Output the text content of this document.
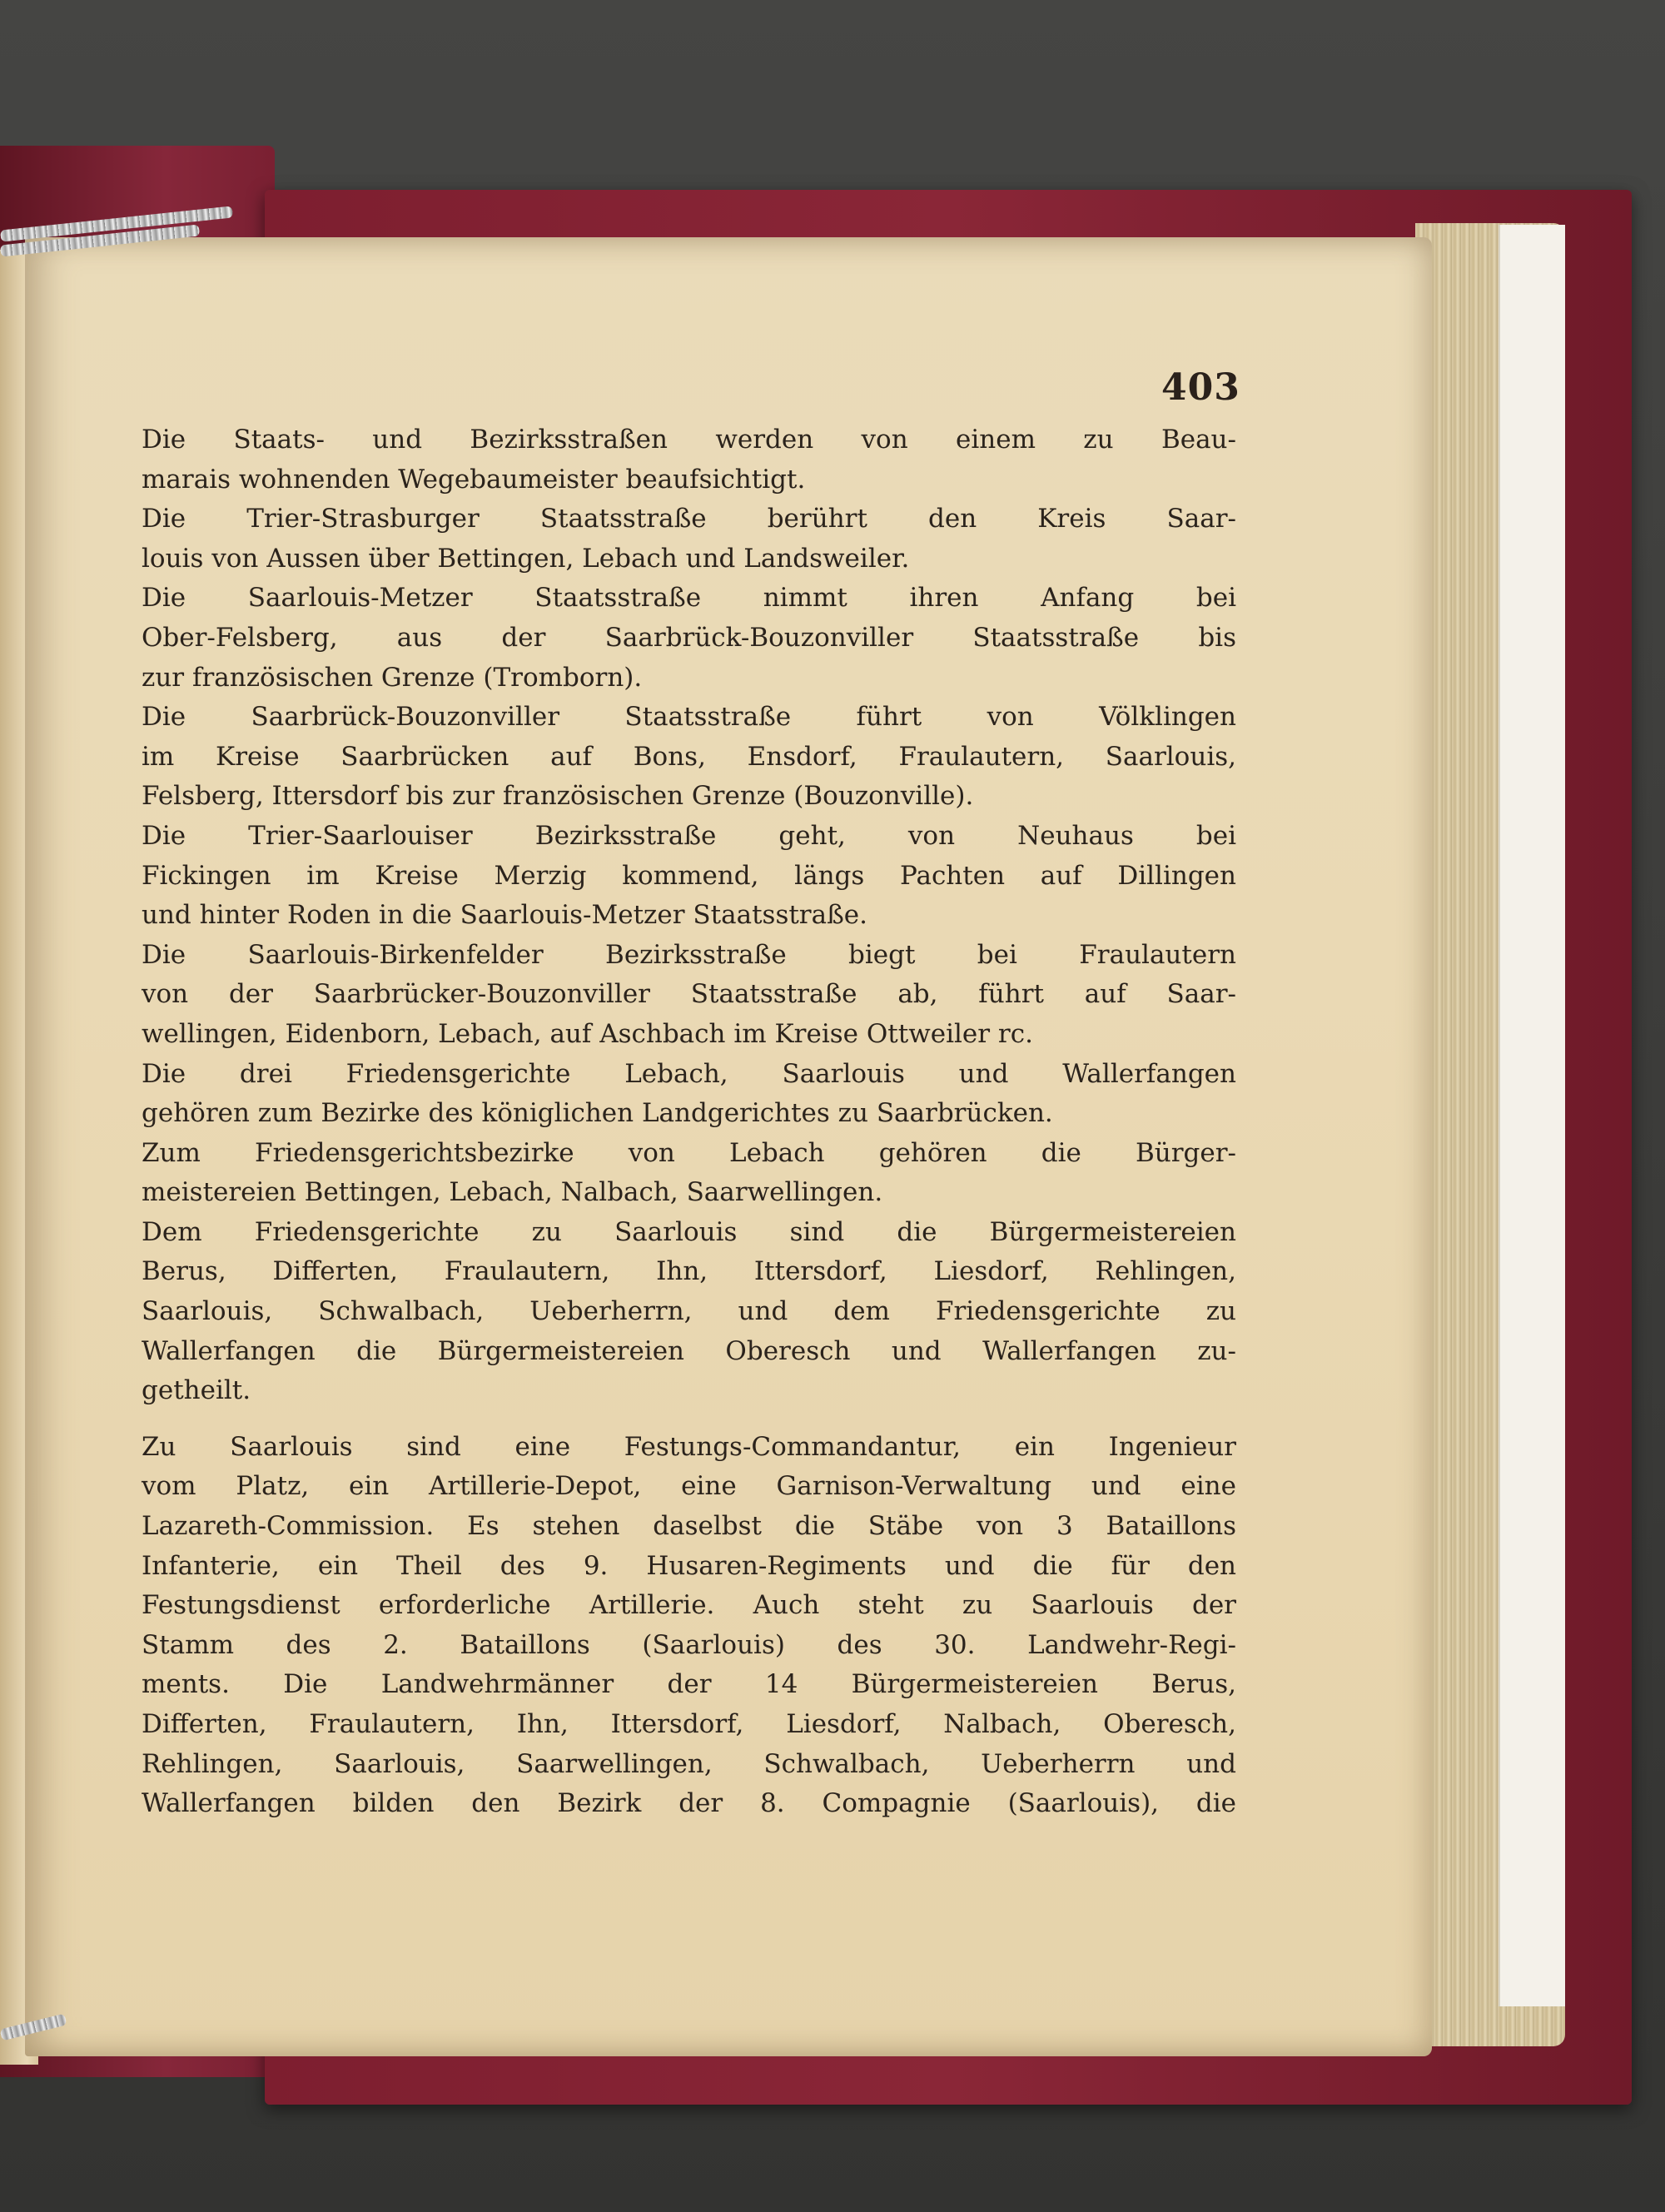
403
Die Staats- und Bezirksstraßen werden von einem zu Beau-
marais wohnenden Wegebaumeister beaufsichtigt.
Die Trier-Strasburger Staatsstraße berührt den Kreis Saar-
louis von Aussen über Bettingen, Lebach und Landsweiler.
Die Saarlouis-Metzer Staatsstraße nimmt ihren Anfang bei
Ober-Felsberg, aus der Saarbrück-Bouzonviller Staatsstraße bis
zur französischen Grenze (Tromborn).
Die Saarbrück-Bouzonviller Staatsstraße führt von Völklingen
im Kreise Saarbrücken auf Bons, Ensdorf, Fraulautern, Saarlouis,
Felsberg, Ittersdorf bis zur französischen Grenze (Bouzonville).
Die Trier-Saarlouiser Bezirksstraße geht, von Neuhaus bei
Fickingen im Kreise Merzig kommend, längs Pachten auf Dillingen
und hinter Roden in die Saarlouis-Metzer Staatsstraße.
Die Saarlouis-Birkenfelder Bezirksstraße biegt bei Fraulautern
von der Saarbrücker-Bouzonviller Staatsstraße ab, führt auf Saar-
wellingen, Eidenborn, Lebach, auf Aschbach im Kreise Ottweiler rc.
Die drei Friedensgerichte Lebach, Saarlouis und Wallerfangen
gehören zum Bezirke des königlichen Landgerichtes zu Saarbrücken.
Zum Friedensgerichtsbezirke von Lebach gehören die Bürger-
meistereien Bettingen, Lebach, Nalbach, Saarwellingen.
Dem Friedensgerichte zu Saarlouis sind die Bürgermeistereien
Berus, Differten, Fraulautern, Ihn, Ittersdorf, Liesdorf, Rehlingen,
Saarlouis, Schwalbach, Ueberherrn, und dem Friedensgerichte zu
Wallerfangen die Bürgermeistereien Oberesch und Wallerfangen zu-
getheilt.
Zu Saarlouis sind eine Festungs-Commandantur, ein Ingenieur
vom Platz, ein Artillerie-Depot, eine Garnison-Verwaltung und eine
Lazareth-Commission. Es stehen daselbst die Stäbe von 3 Bataillons
Infanterie, ein Theil des 9. Husaren-Regiments und die für den
Festungsdienst erforderliche Artillerie. Auch steht zu Saarlouis der
Stamm des 2. Bataillons (Saarlouis) des 30. Landwehr-Regi-
ments. Die Landwehrmänner der 14 Bürgermeistereien Berus,
Differten, Fraulautern, Ihn, Ittersdorf, Liesdorf, Nalbach, Oberesch,
Rehlingen, Saarlouis, Saarwellingen, Schwalbach, Ueberherrn und
Wallerfangen bilden den Bezirk der 8. Compagnie (Saarlouis), die
